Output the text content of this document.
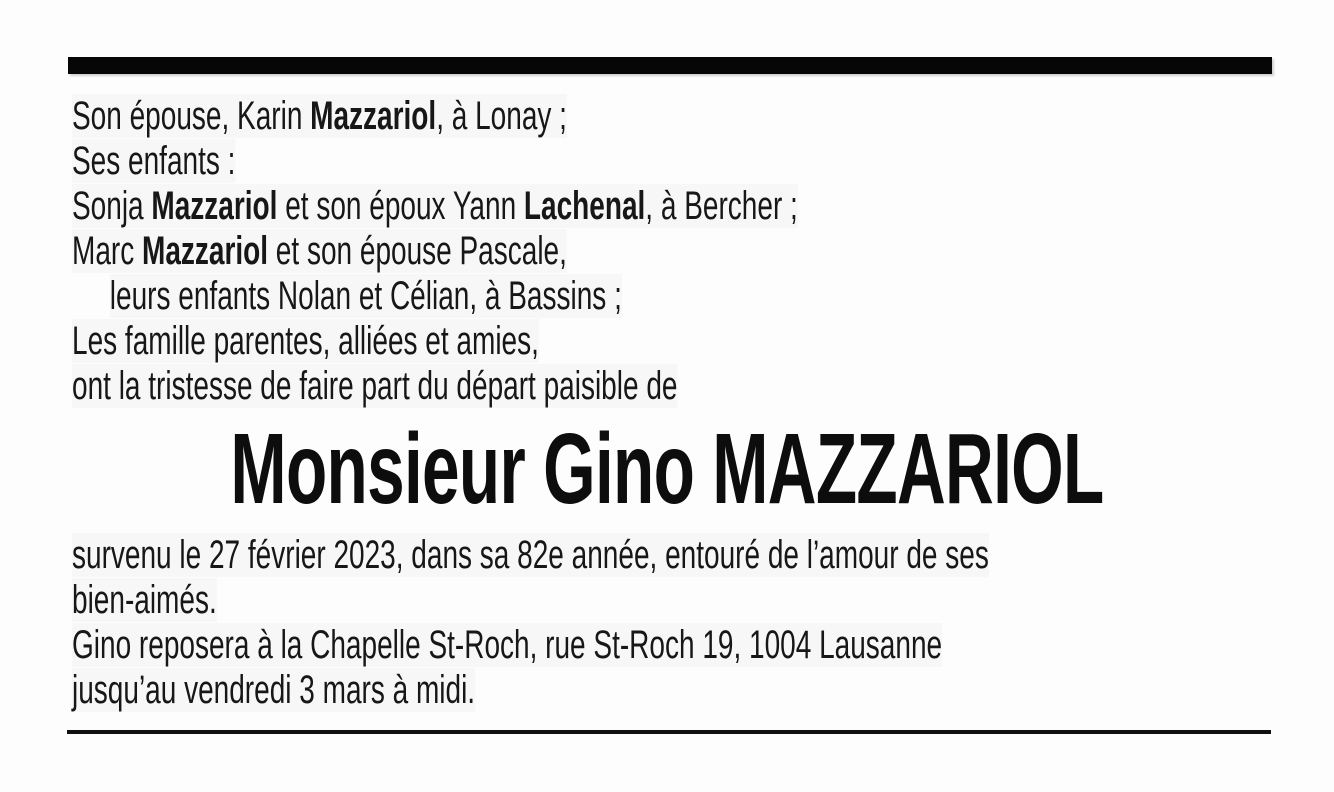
Son épouse, Karin Mazzariol, à Lonay ;
Ses enfants :
Sonja Mazzariol et son époux Yann Lachenal, à Bercher ;
Marc Mazzariol et son épouse Pascale,
leurs enfants Nolan et Célian, à Bassins ;
Les famille parentes, alliées et amies,
ont la tristesse de faire part du départ paisible de
Monsieur Gino MAZZARIOL
survenu le 27 février 2023, dans sa 82e année, entouré de l’amour de ses
bien-aimés.
Gino reposera à la Chapelle St-Roch, rue St-Roch 19, 1004 Lausanne
jusqu’au vendredi 3 mars à midi.
